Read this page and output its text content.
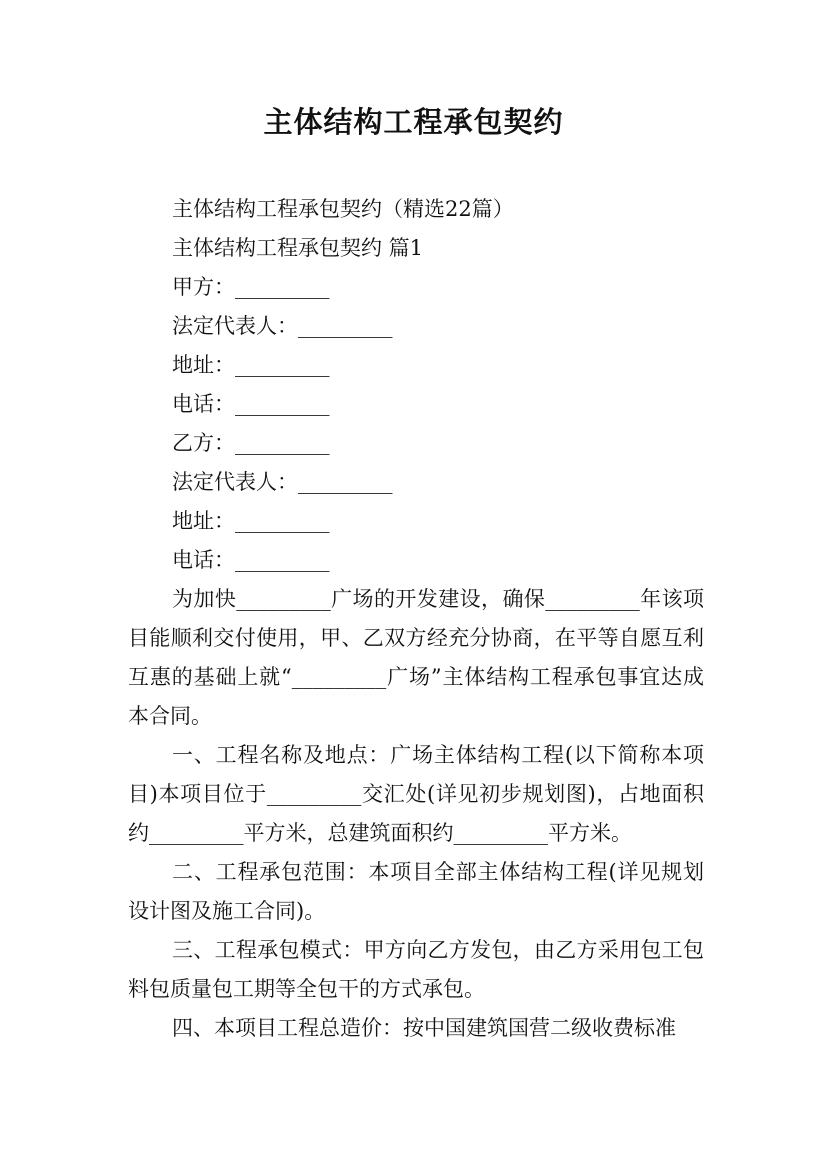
主体结构工程承包契约

主体结构工程承包契约（精选22篇）

主体结构工程承包契约 篇1

甲方：_________

法定代表人：_________

地址：_________

电话：_________

乙方：_________

法定代表人：_________

地址：_________

电话：_________

为加快_________广场的开发建设，确保_________年该项目能顺利交付使用，甲、乙双方经充分协商，在平等自愿互利互惠的基础上就“_________广场”主体结构工程承包事宜达成本合同。

一、工程名称及地点：广场主体结构工程(以下简称本项目)本项目位于_________交汇处(详见初步规划图)，占地面积约_________平方米，总建筑面积约_________平方米。

二、工程承包范围：本项目全部主体结构工程(详见规划设计图及施工合同)。

三、工程承包模式：甲方向乙方发包，由乙方采用包工包料包质量包工期等全包干的方式承包。

四、本项目工程总造价：按中国建筑国营二级收费标准
